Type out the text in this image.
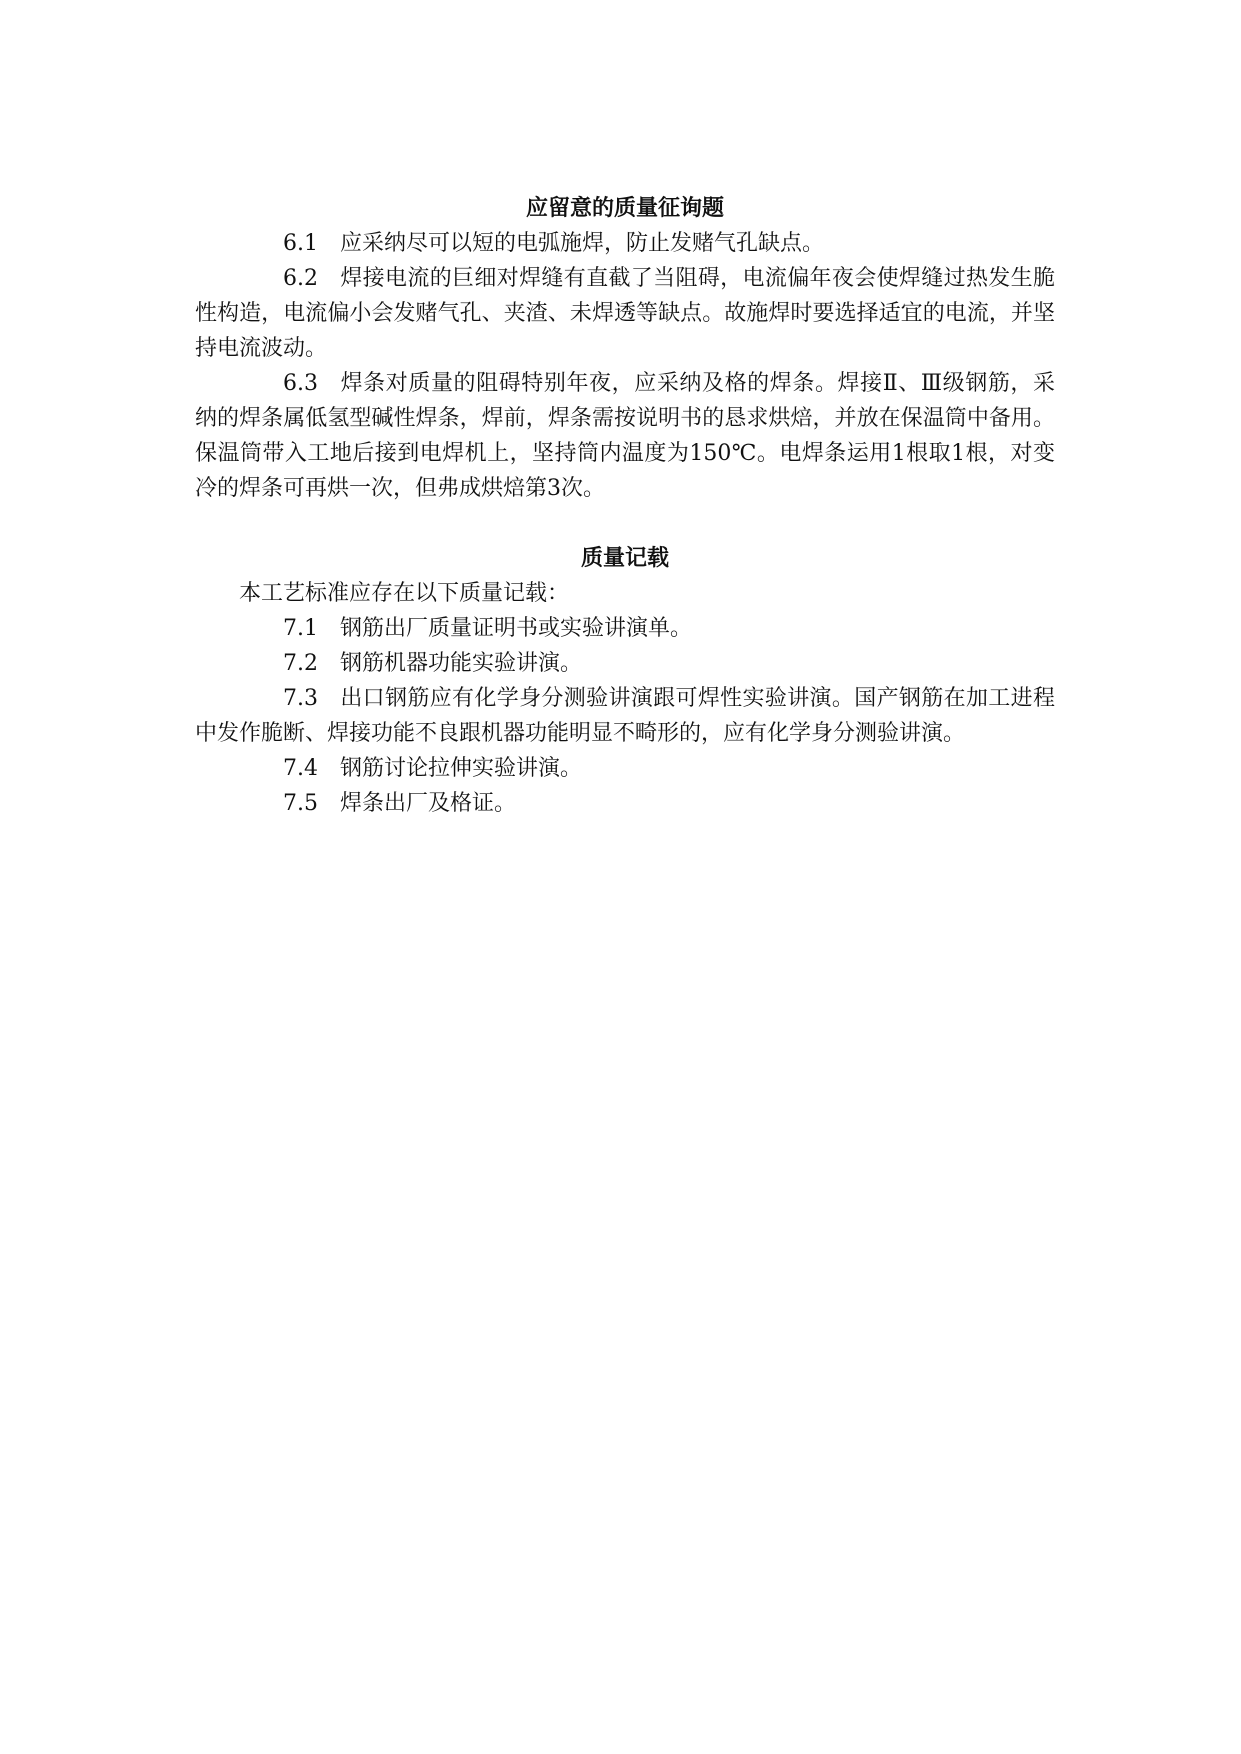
应留意的质量征询题

6.1 应采纳尽可以短的电弧施焊，防止发赌气孔缺点。

6.2 焊接电流的巨细对焊缝有直截了当阻碍，电流偏年夜会使焊缝过热发生脆性构造，电流偏小会发赌气孔、夹渣、未焊透等缺点。故施焊时要选择适宜的电流，并坚持电流波动。

6.3 焊条对质量的阻碍特别年夜，应采纳及格的焊条。焊接Ⅱ、Ⅲ级钢筋，采纳的焊条属低氢型碱性焊条，焊前，焊条需按说明书的恳求烘焙，并放在保温筒中备用。保温筒带入工地后接到电焊机上，坚持筒内温度为150℃。电焊条运用1根取1根，对变冷的焊条可再烘一次，但弗成烘焙第3次。

质量记载

本工艺标准应存在以下质量记载：

7.1 钢筋出厂质量证明书或实验讲演单。

7.2 钢筋机器功能实验讲演。

7.3 出口钢筋应有化学身分测验讲演跟可焊性实验讲演。国产钢筋在加工进程中发作脆断、焊接功能不良跟机器功能明显不畸形的，应有化学身分测验讲演。

7.4 钢筋讨论拉伸实验讲演。

7.5 焊条出厂及格证。
